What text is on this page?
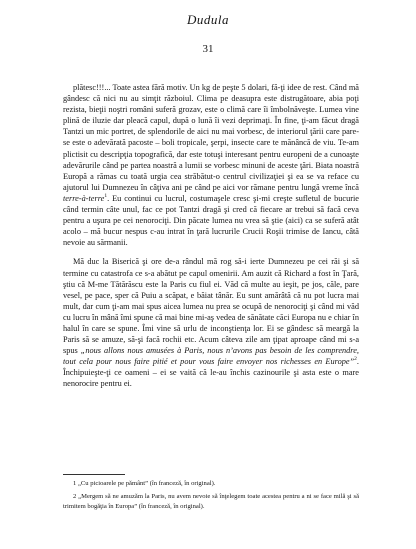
Dudula
31

plătesc!!!... Toate astea fără motiv. Un kg de peşte 5 dolari, fă-ţi idee de rest. Când mă gândesc că nici nu au simţit războiul. Clima pe deasupra este distrugătoare, abia poţi rezista, bieţii noştri români suferă grozav, este o climă care îi îmbolnăveşte. Lumea vine plină de iluzie dar pleacă capul, după o lună îi vezi deprimaţi. În fine, ţi-am făcut dragă Tantzi un mic portret, de splendorile de aici nu mai vorbesc, de interiorul ţării care pare-se este o adevărată pacoste – boli tropicale, şerpi, insecte care te mănâncă de viu. Te-am plictisit cu descripţia topografică, dar este totuşi interesant pentru europeni de a cunoaşte adevărurile când pe partea noastră a lumii se vorbesc minuni de aceste ţări. Biata noastră Europă a rămas cu toată urgia cea străbătut-o centrul civilizaţiei şi ea se va reface cu ajutorul lui Dumnezeu în câţiva ani pe când pe aici vor rămane pentru lungă vreme încă terre-à-terre$^1$. Eu continui cu lucrul, costumaşele cresc şi-mi creşte sufletul de bucurie când termin câte unul, fac ce pot Tantzi dragă şi cred că fiecare ar trebui să facă ceva pentru a uşura pe cei nenorociţi. Din păcate lumea nu vrea să ştie (aici) ca se suferă atât acolo – mă bucur nespus c-au intrat în ţară lucrurile Crucii Roşii trimise de Iancu, câtă nevoie au sărmanii.

Mă duc la Biserică şi ore de-a rândul mă rog să-i ierte Dumnezeu pe cei răi şi să termine cu catastrofa ce s-a abătut pe capul omenirii. Am auzit că Richard a fost în Ţară, ştiu că M-me Tătărăscu este la Paris cu fiul ei. Văd că multe au ieşit, pe jos, căle, pare vesel, pe pace, sper că Puiu a scăpat, e băiat tânăr. Eu sunt amărâtă că nu pot lucra mai mult, dar cum ţi-am mai spus aicea lumea nu prea se ocupă de nenorociţi şi când mi văd cu lucru în mână îmi spune că mai bine mi-aş vedea de sănătate căci Europa nu e chiar în halul în care se spune. Îmi vine să urlu de inconştienţa lor. Ei se gândesc să meargă la Paris să se amuze, să-şi facă rochii etc. Acum câteva zile am ţipat aproape când mi s-a spus „nous allons nous amusées à Paris, nous n’avons pas besoin de les comprendre, tout cela pour nous faire pitié et pour vous faire envoyer nos richesses en Europe”$^2$. Închipuieşte-ţi ce oameni – ei se vaită că le-au închis cazinourile şi asta este o mare nenorocire pentru ei.

1 „Cu picioarele pe pământ” (în franceză, în original).

2 „Mergem să ne amuzăm la Paris, nu avem nevoie să înţelegem toate acestea pentru a ni se face milă şi să trimitem bogăţia în Europa” (în franceză, în original).
